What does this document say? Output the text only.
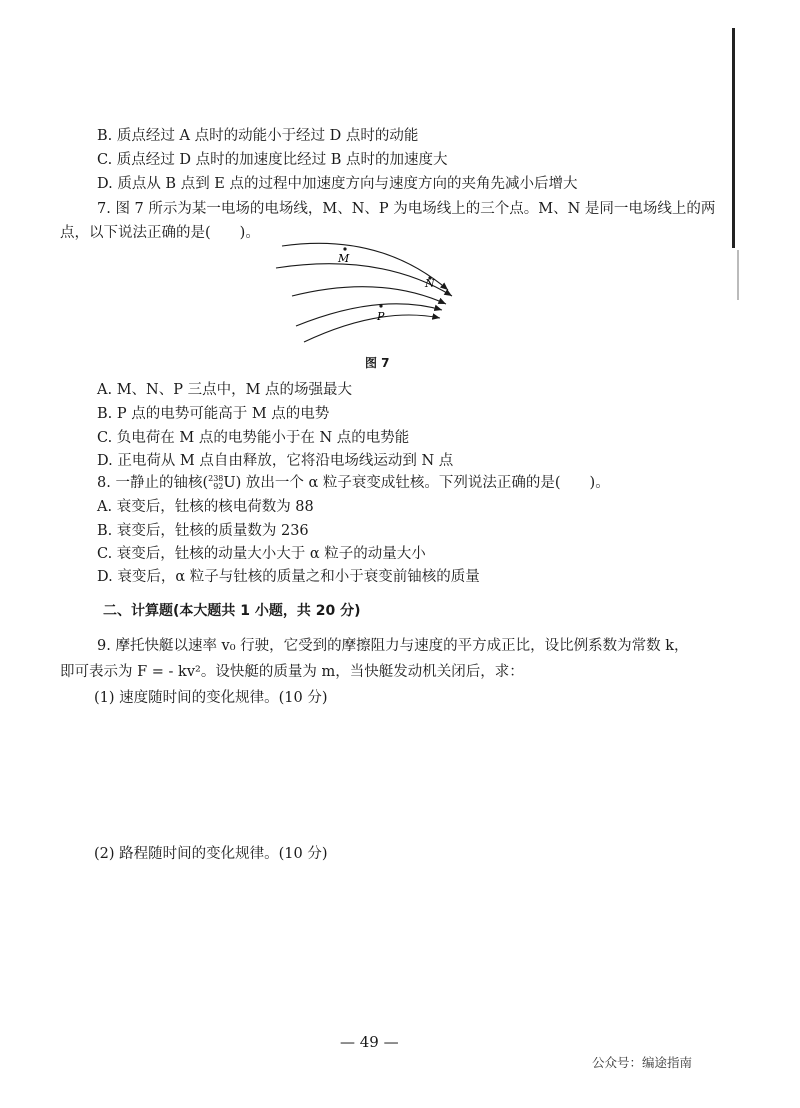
B. 质点经过 A 点时的动能小于经过 D 点时的动能
C. 质点经过 D 点时的加速度比经过 B 点时的加速度大
D. 质点从 B 点到 E 点的过程中加速度方向与速度方向的夹角先减小后增大
7. 图 7 所示为某一电场的电场线，M、N、P 为电场线上的三个点。M、N 是同一电场线上的两
点，以下说法正确的是(　　)。
M
N
P
图 7
A. M、N、P 三点中，M 点的场强最大
B. P 点的电势可能高于 M 点的电势
C. 负电荷在 M 点的电势能小于在 N 点的电势能
D. 正电荷从 M 点自由释放，它将沿电场线运动到 N 点
8. 一静止的铀核( 238
92 U) 放出一个 α 粒子衰变成钍核。下列说法正确的是(　　)。
A. 衰变后，钍核的核电荷数为 88
B. 衰变后，钍核的质量数为 236
C. 衰变后，钍核的动量大小大于 α 粒子的动量大小
D. 衰变后，α 粒子与钍核的质量之和小于衰变前铀核的质量
二、计算题(本大题共 1 小题，共 20 分)
9. 摩托快艇以速率 v₀ 行驶，它受到的摩擦阻力与速度的平方成正比，设比例系数为常数 k，
即可表示为 F = - kv²。设快艇的质量为 m，当快艇发动机关闭后，求：
(1) 速度随时间的变化规律。(10 分)
(2) 路程随时间的变化规律。(10 分)
— 49 —
公众号：编途指南
